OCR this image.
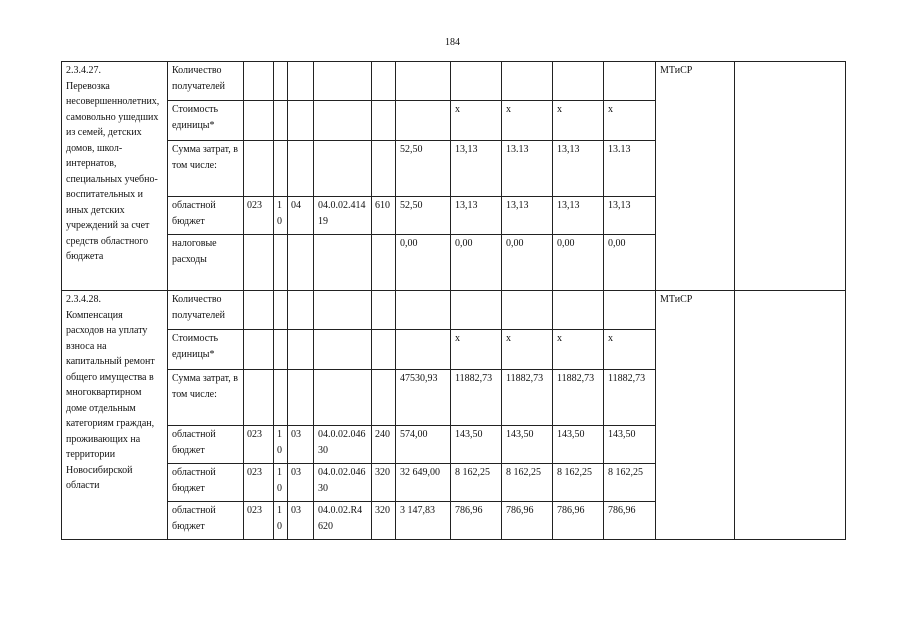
184
2.3.4.27.
Перевозка несовершеннолетних, самовольно ушедших из семей, детских домов, школ-интернатов, специальных учебно-воспитательных и иных детских учреждений за счет средств областного бюджета	Количество получателей											МТиСР	
	Стоимость единицы*							х	х	х	х		
	Сумма затрат, в том числе:						52,50	13,13	13.13	13,13	13.13		
	областной бюджет	023	10	04	04.0.02.41419	610	52,50	13,13	13,13	13,13	13,13		
	налоговые расходы						0,00	0,00	0,00	0,00	0,00		

2.3.4.28.
Компенсация расходов на уплату взноса на капитальный ремонт общего имущества в многоквартирном доме отдельным категориям граждан, проживающих на территории Новосибирской области	Количество получателей											МТиСР	
	Стоимость единицы*							х	х	х	х		
	Сумма затрат, в том числе:						47530,93	11882,73	11882,73	11882,73	11882,73		
	областной бюджет	023	10	03	04.0.02.04630	240	574,00	143,50	143,50	143,50	143,50		
	областной бюджет	023	10	03	04.0.02.04630	320	32 649,00	8 162,25	8 162,25	8 162,25	8 162,25		
	областной бюджет	023	10	03	04.0.02.R4620	320	3 147,83	786,96	786,96	786,96	786,96		
